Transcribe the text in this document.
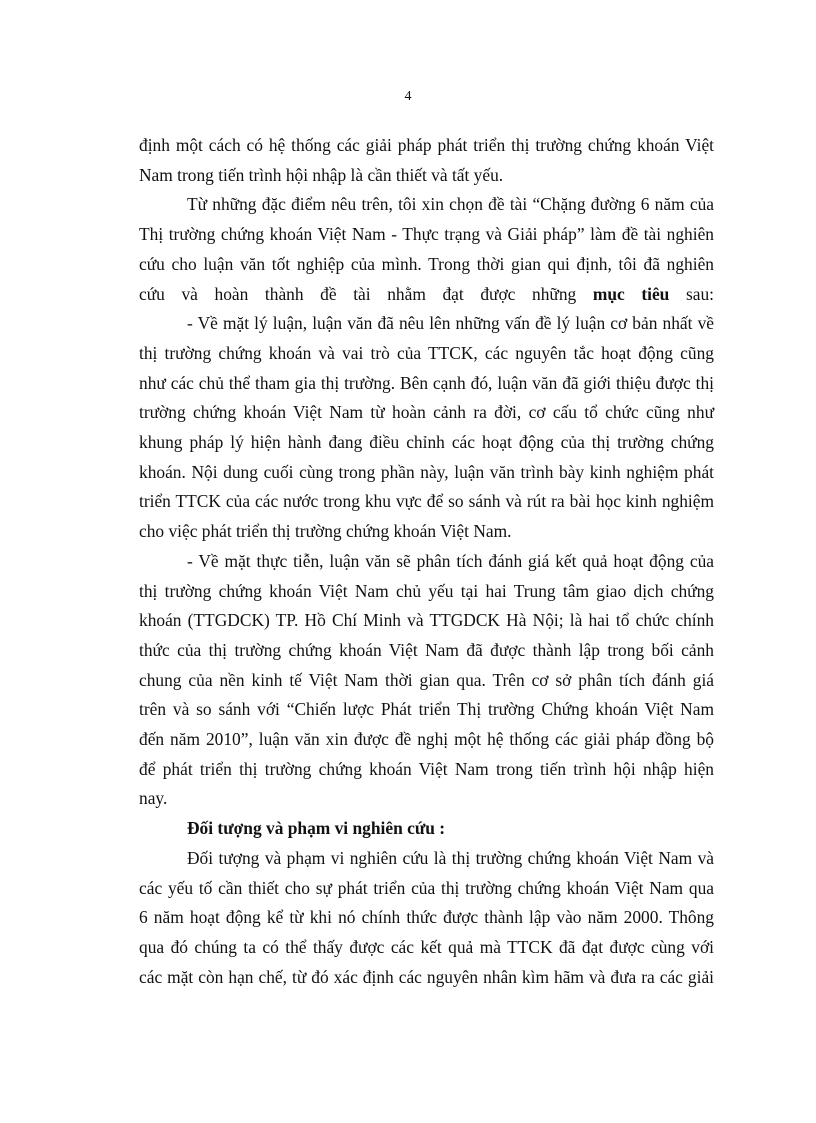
4

định một cách có hệ thống các giải pháp phát triển thị trường chứng khoán Việt

Nam trong tiến trình hội nhập là cần thiết và tất yếu.

Từ những đặc điểm nêu trên, tôi xin chọn đề tài “Chặng đường 6 năm của

Thị trường chứng khoán Việt Nam - Thực trạng và Giải pháp” làm đề tài nghiên

cứu cho luận văn tốt nghiệp của mình. Trong thời gian qui định, tôi đã nghiên

cứu và hoàn thành đề tài nhằm đạt được những mục tiêu sau:

- Về mặt lý luận, luận văn đã nêu lên những vấn đề lý luận cơ bản nhất về

thị trường chứng khoán và vai trò của TTCK, các nguyên tắc hoạt động cũng

như các chủ thể tham gia thị trường. Bên cạnh đó, luận văn đã giới thiệu được thị

trường chứng khoán Việt Nam từ hoàn cảnh ra đời, cơ cấu tổ chức cũng như

khung pháp lý hiện hành đang điều chỉnh các hoạt động của thị trường chứng

khoán. Nội dung cuối cùng trong phần này, luận văn trình bày kinh nghiệm phát

triển TTCK của các nước trong khu vực để so sánh và rút ra bài học kinh nghiệm

cho việc phát triển thị trường chứng khoán Việt Nam.

- Về mặt thực tiễn, luận văn sẽ phân tích đánh giá kết quả hoạt động của

thị trường chứng khoán Việt Nam chủ yếu tại hai Trung tâm giao dịch chứng

khoán (TTGDCK) TP. Hồ Chí Minh và TTGDCK Hà Nội; là hai tổ chức chính

thức của thị trường chứng khoán Việt Nam đã được thành lập trong bối cảnh

chung của nền kinh tế Việt Nam thời gian qua. Trên cơ sở phân tích đánh giá

trên và so sánh với “Chiến lược Phát triển Thị trường Chứng khoán Việt Nam

đến năm 2010”, luận văn xin được đề nghị một hệ thống các giải pháp đồng bộ

để phát triển thị trường chứng khoán Việt Nam trong tiến trình hội nhập hiện

nay.

Đối tượng và phạm vi nghiên cứu :

Đối tượng và phạm vi nghiên cứu là thị trường chứng khoán Việt Nam và

các yếu tố cần thiết cho sự phát triển của thị trường chứng khoán Việt Nam qua

6 năm hoạt động kể từ khi nó chính thức được thành lập vào năm 2000. Thông

qua đó chúng ta có thể thấy được các kết quả mà TTCK đã đạt được cùng với

các mặt còn hạn chế, từ đó xác định các nguyên nhân kìm hãm và đưa ra các giải
